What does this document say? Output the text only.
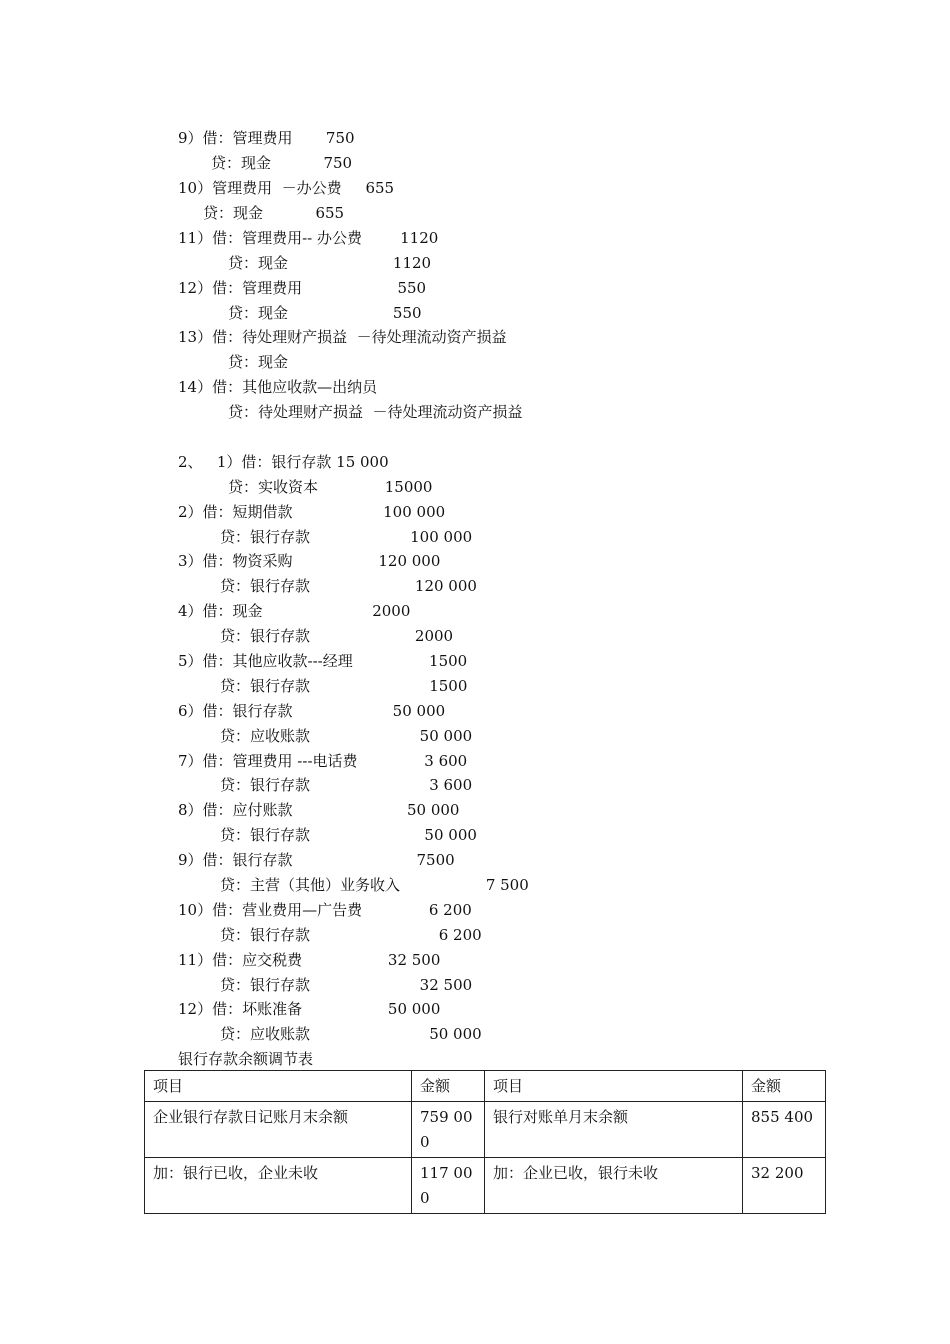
9）借：管理费用       750
贷：现金           750
10）管理费用  －办公费     655
贷：现金           655
11）借：管理费用-- 办公费        1120
贷：现金                      1120
12）借：管理费用                    550
贷：现金                      550
13）借：待处理财产损益  －待处理流动资产损益
贷：现金
14）借：其他应收款—出纳员
贷：待处理财产损益  －待处理流动资产损益
2、   1）借：银行存款 15 000
贷：实收资本              15000
2）借：短期借款                   100 000
贷：银行存款                     100 000
3）借：物资采购                  120 000
贷：银行存款                      120 000
4）借：现金                       2000
贷：银行存款                      2000
5）借：其他应收款---经理                1500
贷：银行存款                         1500
6）借：银行存款                     50 000
贷：应收账款                       50 000
7）借：管理费用 ---电话费              3 600
贷：银行存款                         3 600
8）借：应付账款                        50 000
贷：银行存款                        50 000
9）借：银行存款                          7500
贷：主营（其他）业务收入                  7 500
10）借：营业费用—广告费              6 200
贷：银行存款                           6 200
11）借：应交税费                  32 500
贷：银行存款                       32 500
12）借：坏账准备                  50 000
贷：应收账款                         50 000
银行存款余额调节表
项目	金额	项目	金额
企业银行存款日记账月末余额	759 000	银行对账单月末余额	855 400
加：银行已收，企业未收	117 000	加：企业已收，银行未收	32 200
